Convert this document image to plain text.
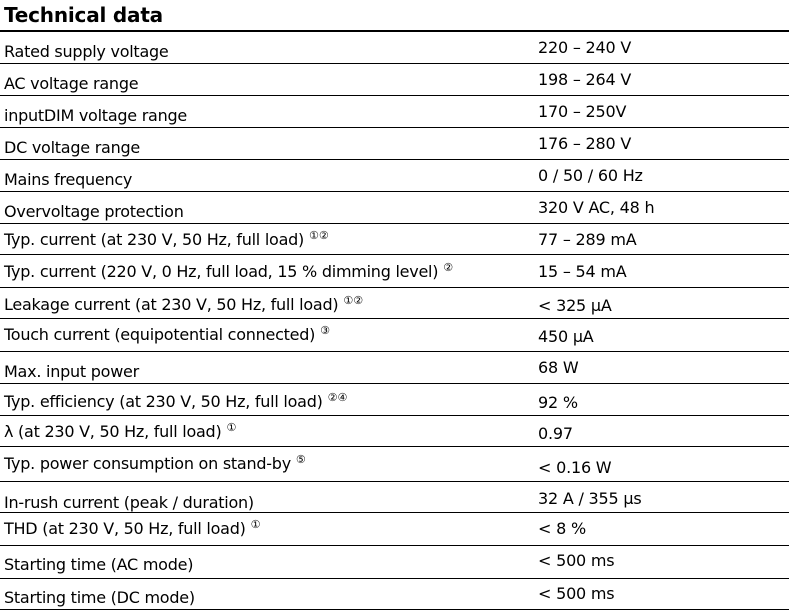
Technical data
Rated supply voltage	220 – 240 V
AC voltage range	198 – 264 V
inputDIM voltage range	170 – 250V
DC voltage range	176 – 280 V
Mains frequency	0 / 50 / 60 Hz
Overvoltage protection	320 V AC, 48 h
Typ. current (at 230 V, 50 Hz, full load) ①②	77 – 289 mA
Typ. current (220 V, 0 Hz, full load, 15 % dimming level) ②	15 – 54 mA
Leakage current (at 230 V, 50 Hz, full load) ①②	< 325 µA
Touch current (equipotential connected) ③	450 µA
Max. input power	68 W
Typ. efficiency (at 230 V, 50 Hz, full load) ②④	92 %
λ (at 230 V, 50 Hz, full load) ①	0.97
Typ. power consumption on stand-by ⑤	< 0.16 W
In-rush current (peak / duration)	32 A / 355 µs
THD (at 230 V, 50 Hz, full load) ①	< 8 %
Starting time (AC mode)	< 500 ms
Starting time (DC mode)	< 500 ms
